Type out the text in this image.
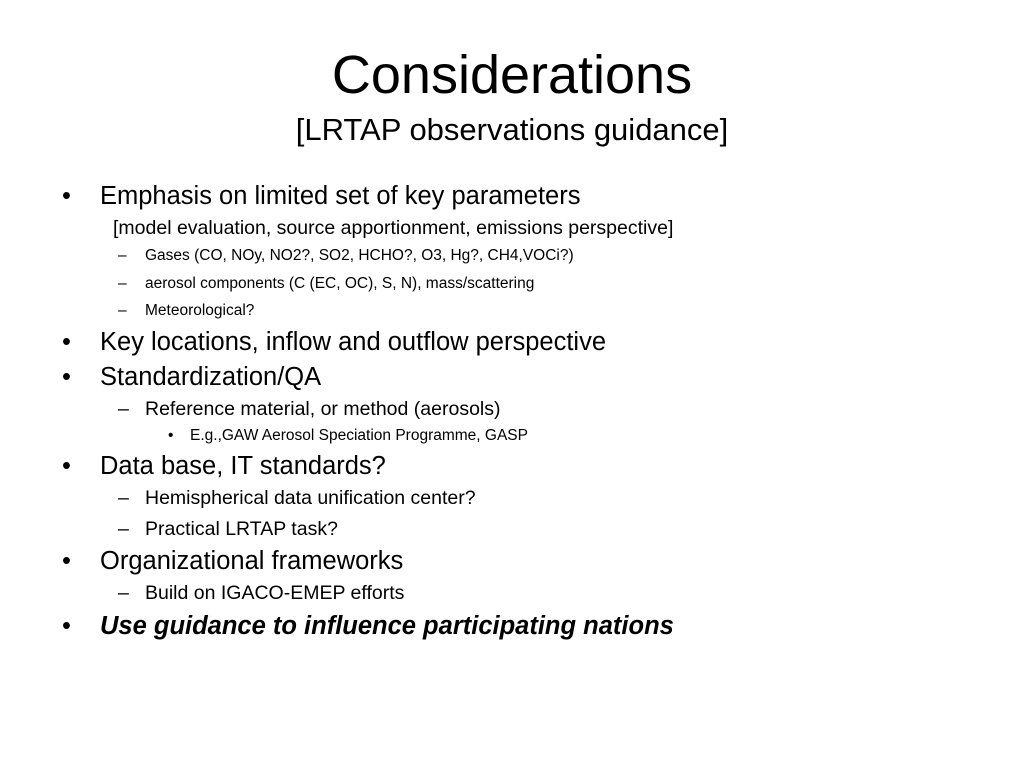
Considerations
[LRTAP observations guidance]
• Emphasis on limited set of key parameters
[model evaluation, source apportionment, emissions perspective]
– Gases (CO, NOy, NO2?, SO2, HCHO?, O3, Hg?, CH4,VOCi?)
– aerosol components (C (EC, OC), S, N), mass/scattering
– Meteorological?
• Key locations, inflow and outflow perspective
• Standardization/QA
– Reference material, or method (aerosols)
• E.g.,GAW Aerosol Speciation Programme, GASP
• Data base, IT standards?
– Hemispherical data unification center?
– Practical LRTAP task?
• Organizational frameworks
– Build on IGACO-EMEP efforts
• Use guidance to influence participating nations
